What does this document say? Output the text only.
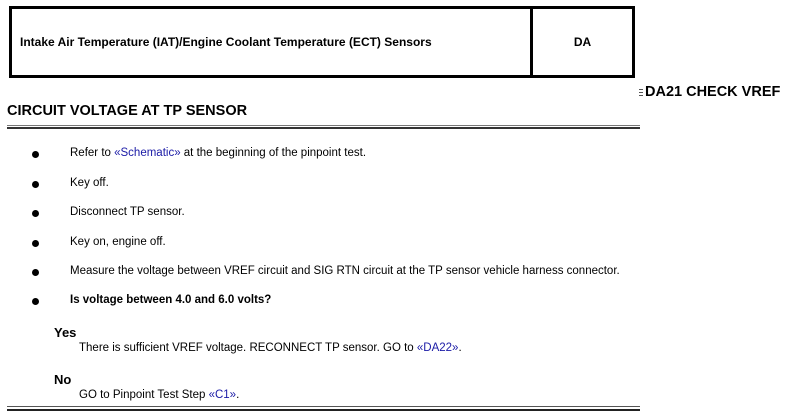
Intake Air Temperature (IAT)/Engine Coolant Temperature (ECT) Sensors	DA
DA21 CHECK VREF
CIRCUIT VOLTAGE AT TP SENSOR
Refer to «Schematic» at the beginning of the pinpoint test.
Key off.
Disconnect TP sensor.
Key on, engine off.
Measure the voltage between VREF circuit and SIG RTN circuit at the TP sensor vehicle harness connector.
Is voltage between 4.0 and 6.0 volts?
Yes
There is sufficient VREF voltage. RECONNECT TP sensor. GO to «DA22».
No
GO to Pinpoint Test Step «C1».
